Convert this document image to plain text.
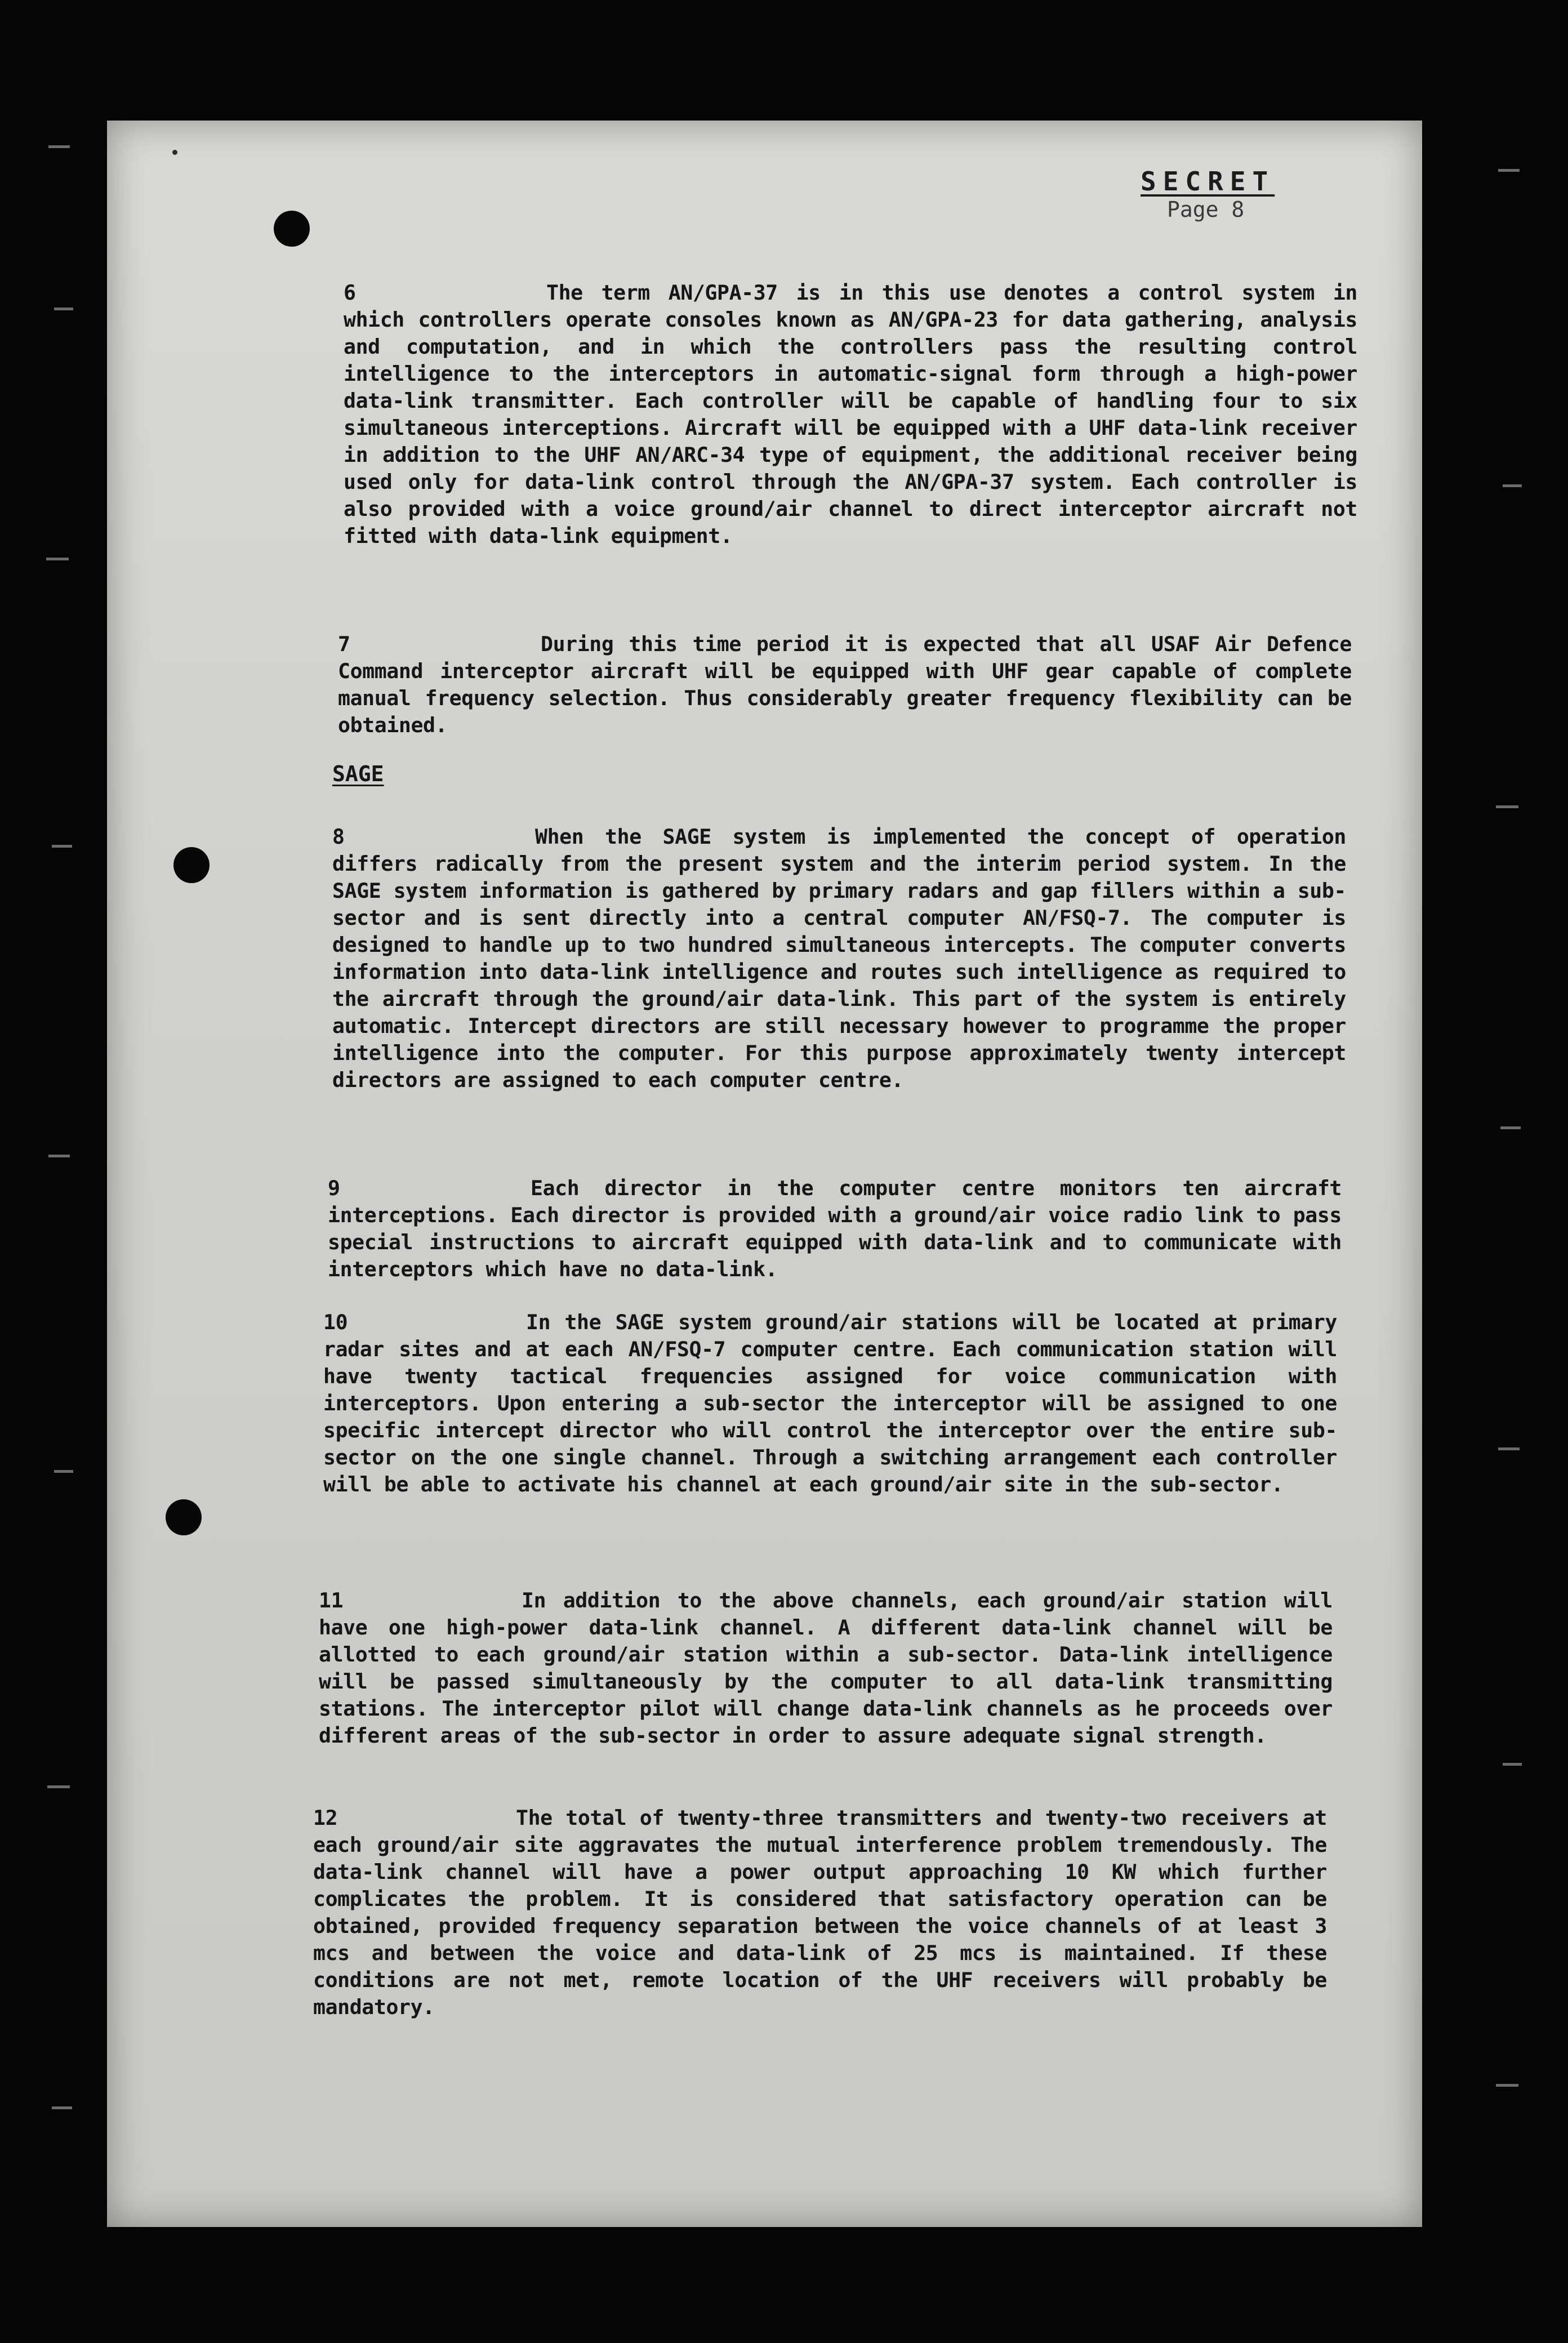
SECRET
Page 8
6	The term AN/GPA-37 is in this use denotes a control system in which controllers operate consoles known as AN/GPA-23 for data gathering, analysis and computation, and in which the controllers pass the resulting control intelligence to the interceptors in automatic-signal form through a high-power data-link transmitter. Each controller will be capable of handling four to six simultaneous interceptions. Aircraft will be equipped with a UHF data-link receiver in addition to the UHF AN/ARC-34 type of equipment, the additional receiver being used only for data-link control through the AN/GPA-37 system. Each controller is also provided with a voice ground/air channel to direct interceptor aircraft not fitted with data-link equipment.
7	During this time period it is expected that all USAF Air Defence Command interceptor aircraft will be equipped with UHF gear capable of complete manual frequency selection. Thus considerably greater frequency flexibility can be obtained.
SAGE
8	When the SAGE system is implemented the concept of operation differs radically from the present system and the interim period system. In the SAGE system information is gathered by primary radars and gap fillers within a sub-sector and is sent directly into a central computer AN/FSQ-7. The computer is designed to handle up to two hundred simultaneous intercepts. The computer converts information into data-link intelligence and routes such intelligence as required to the aircraft through the ground/air data-link. This part of the system is entirely automatic. Intercept directors are still necessary however to programme the proper intelligence into the computer. For this purpose approximately twenty intercept directors are assigned to each computer centre.
9	Each director in the computer centre monitors ten aircraft interceptions. Each director is provided with a ground/air voice radio link to pass special instructions to aircraft equipped with data-link and to communicate with interceptors which have no data-link.
10	In the SAGE system ground/air stations will be located at primary radar sites and at each AN/FSQ-7 computer centre. Each communication station will have twenty tactical frequencies assigned for voice communication with interceptors. Upon entering a sub-sector the interceptor will be assigned to one specific intercept director who will control the interceptor over the entire sub-sector on the one single channel. Through a switching arrangement each controller will be able to activate his channel at each ground/air site in the sub-sector.
11	In addition to the above channels, each ground/air station will have one high-power data-link channel. A different data-link channel will be allotted to each ground/air station within a sub-sector. Data-link intelligence will be passed simultaneously by the computer to all data-link transmitting stations. The interceptor pilot will change data-link channels as he proceeds over different areas of the sub-sector in order to assure adequate signal strength.
12	The total of twenty-three transmitters and twenty-two receivers at each ground/air site aggravates the mutual interference problem tremendously. The data-link channel will have a power output approaching 10 KW which further complicates the problem. It is considered that satisfactory operation can be obtained, provided frequency separation between the voice channels of at least 3 mcs and between the voice and data-link of 25 mcs is maintained. If these conditions are not met, remote location of the UHF receivers will probably be mandatory.
